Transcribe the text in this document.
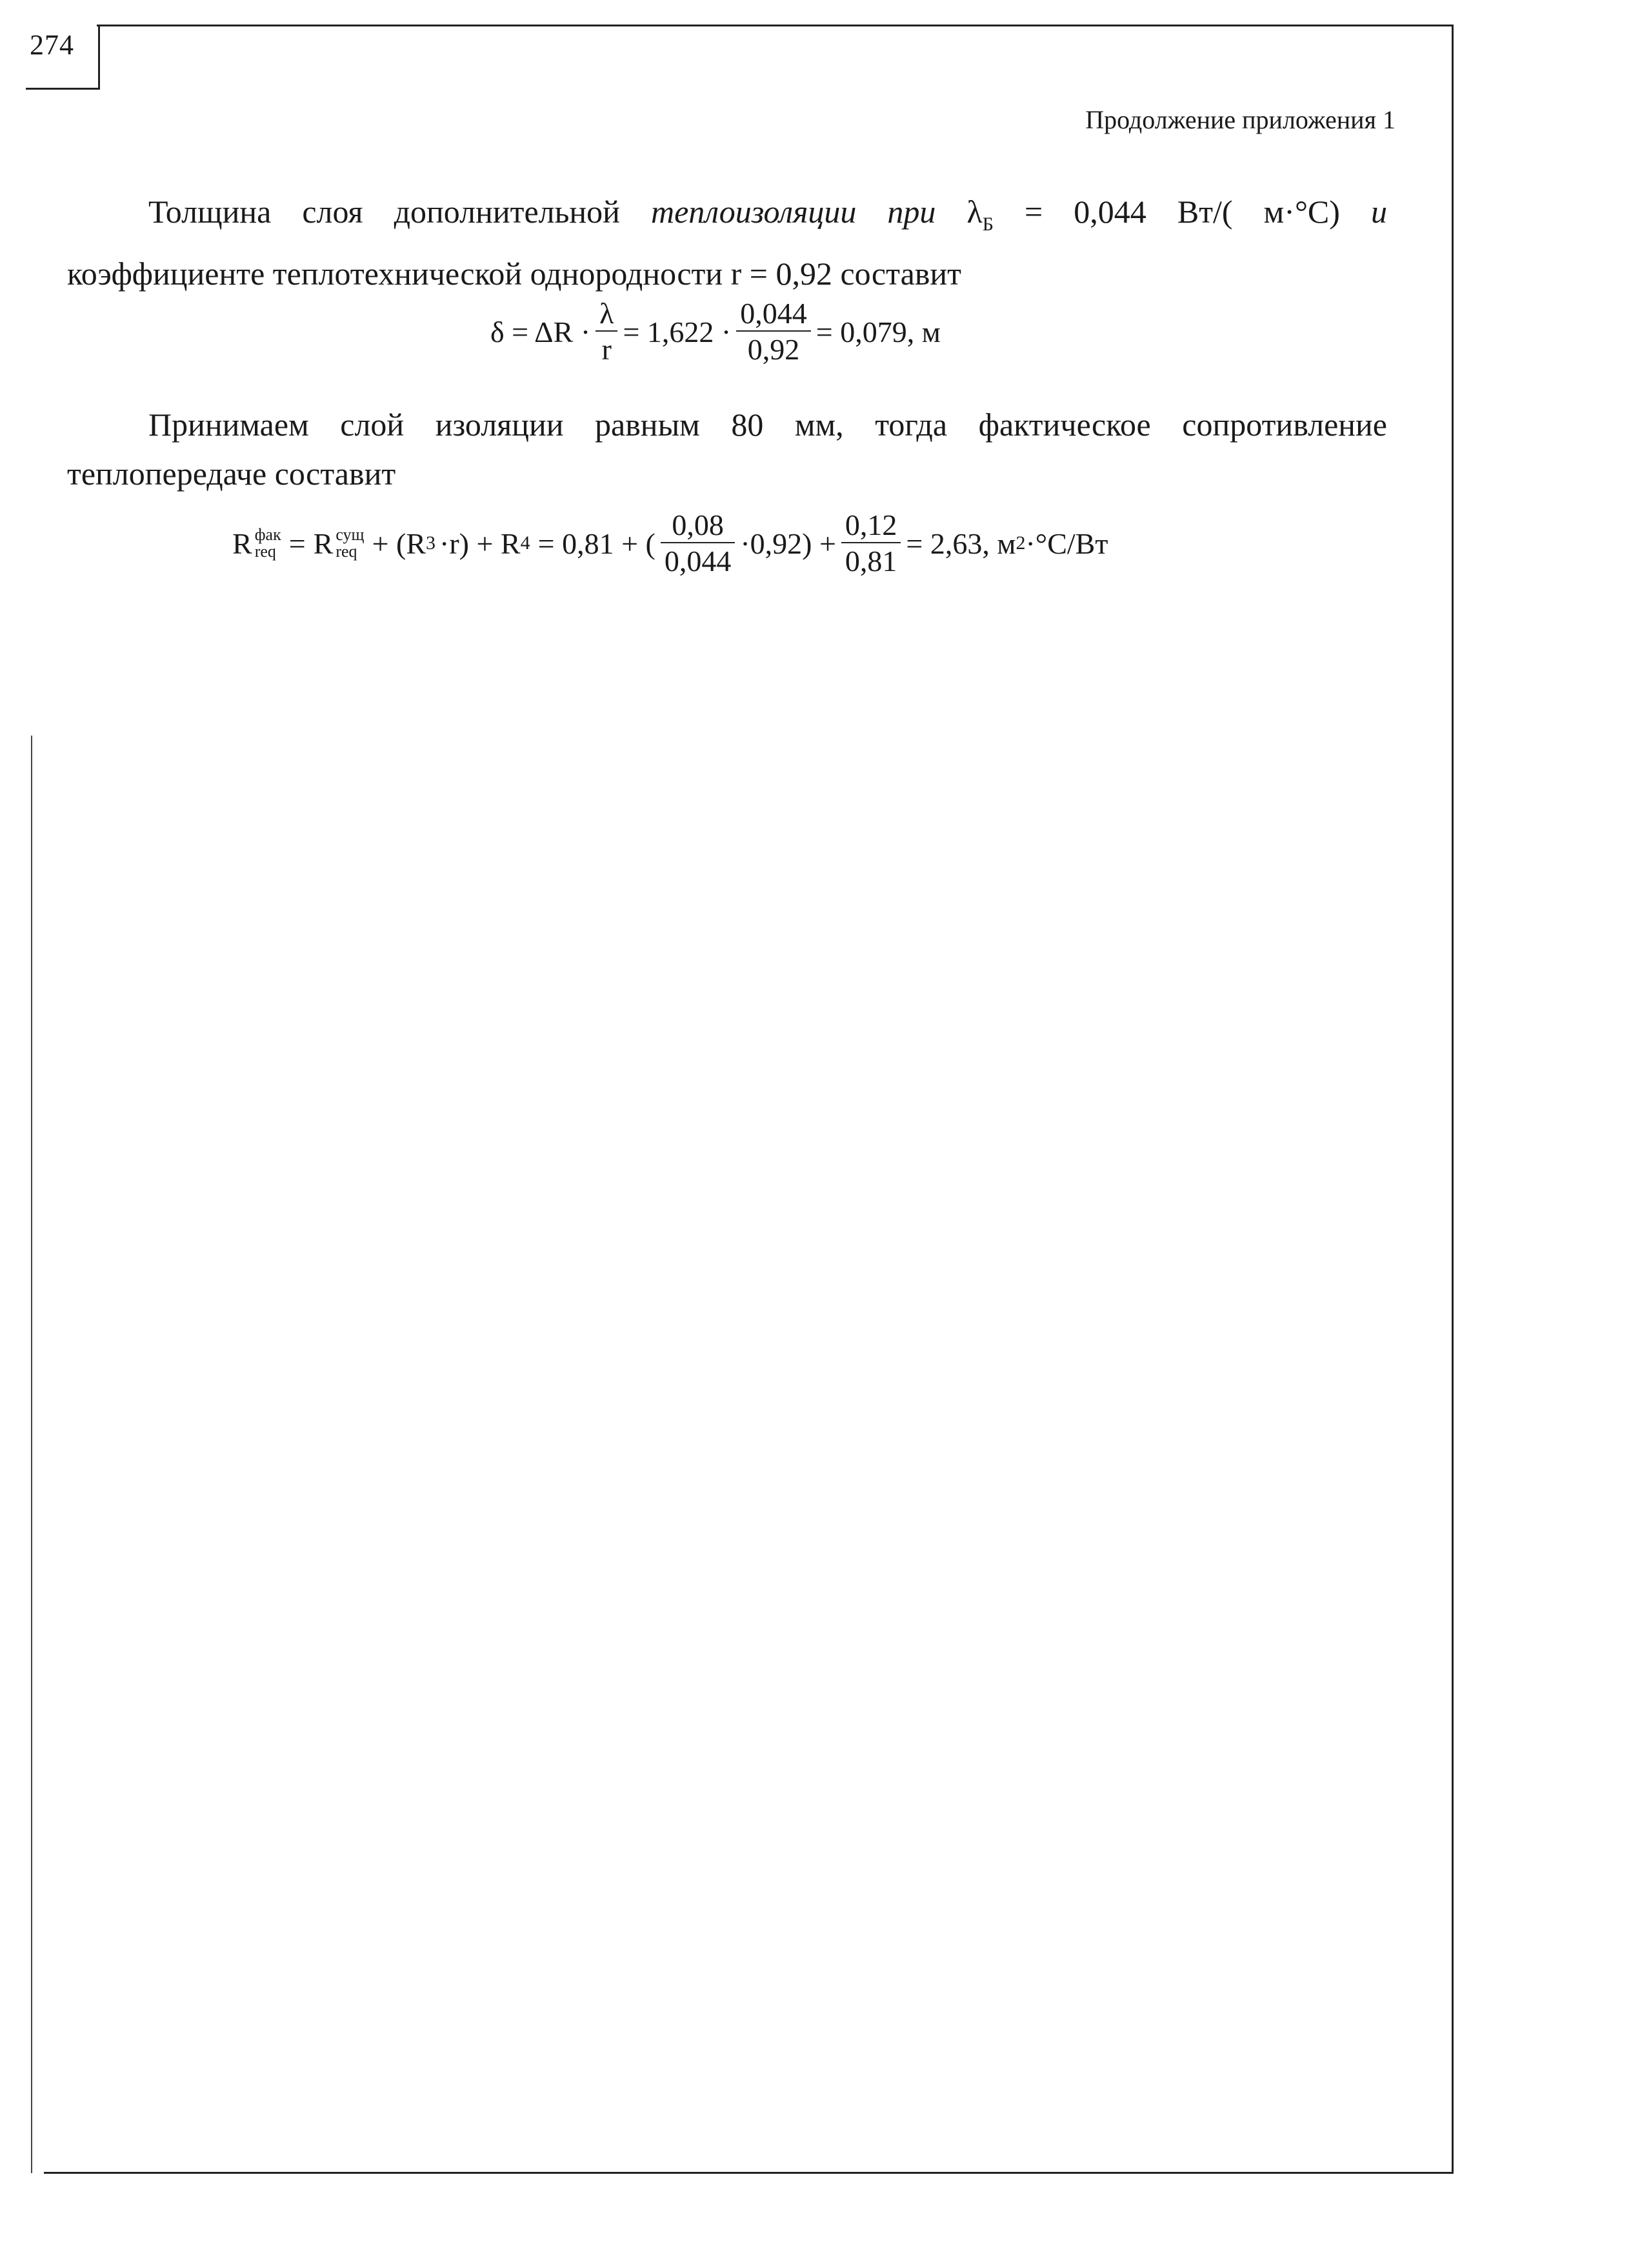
274
Продолжение приложения 1
Толщина слоя дополнительной теплоизоляции при $\lambda_Б = 0,044$ Вт/( м·°С) и
коэффициенте теплотехнической однородности r = 0,92 составит
$\delta = \Delta R \cdot \frac{\lambda}{r} = 1,622 \cdot \frac{0,044}{0,92} = 0,079$, м
Принимаем слой изоляции равным 80 мм, тогда фактическое сопротивление
теплопередаче составит
R фак
req = R сущ
req + (R 3 ·r) + R 4 = 0,81 + ( $\frac{0,08}{0,044} \cdot 0,92) + \frac{0,12}{0,81} = 2,63$, м 2 ·°C/Вт
